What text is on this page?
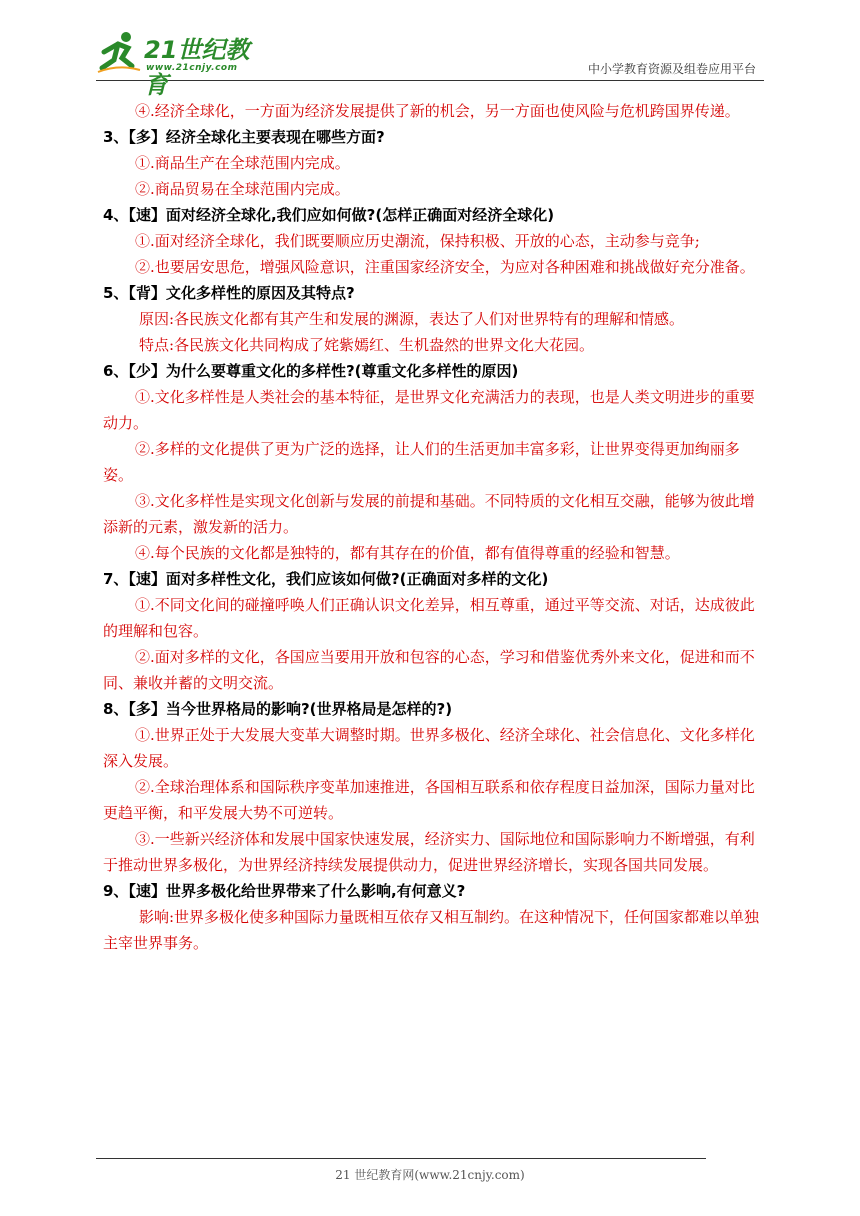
21世纪教育
www.21cnjy.com	中小学教育资源及组卷应用平台

④.经济全球化，一方面为经济发展提供了新的机会，另一方面也使风险与危机跨国界传递。

3、【多】经济全球化主要表现在哪些方面?

①.商品生产在全球范围内完成。

②.商品贸易在全球范围内完成。

4、【速】面对经济全球化,我们应如何做?(怎样正确面对经济全球化)

①.面对经济全球化，我们既要顺应历史潮流，保持积极、开放的心态，主动参与竞争;

②.也要居安思危，增强风险意识，注重国家经济安全，为应对各种困难和挑战做好充分准备。

5、【背】文化多样性的原因及其特点?

原因:各民族文化都有其产生和发展的渊源，表达了人们对世界特有的理解和情感。

特点:各民族文化共同构成了姹紫嫣红、生机盎然的世界文化大花园。

6、【少】为什么要尊重文化的多样性?(尊重文化多样性的原因)

①.文化多样性是人类社会的基本特征，是世界文化充满活力的表现，也是人类文明进步的重要动力。

②.多样的文化提供了更为广泛的选择，让人们的生活更加丰富多彩，让世界变得更加绚丽多姿。

③.文化多样性是实现文化创新与发展的前提和基础。不同特质的文化相互交融，能够为彼此增添新的元素，激发新的活力。

④.每个民族的文化都是独特的，都有其存在的价值，都有值得尊重的经验和智慧。

7、【速】面对多样性文化，我们应该如何做?(正确面对多样的文化)

①.不同文化间的碰撞呼唤人们正确认识文化差异，相互尊重，通过平等交流、对话，达成彼此的理解和包容。

②.面对多样的文化，各国应当要用开放和包容的心态，学习和借鉴优秀外来文化，促进和而不同、兼收并蓄的文明交流。

8、【多】当今世界格局的影响?(世界格局是怎样的?)

①.世界正处于大发展大变革大调整时期。世界多极化、经济全球化、社会信息化、文化多样化深入发展。

②.全球治理体系和国际秩序变革加速推进，各国相互联系和依存程度日益加深，国际力量对比更趋平衡，和平发展大势不可逆转。

③.一些新兴经济体和发展中国家快速发展，经济实力、国际地位和国际影响力不断增强，有利于推动世界多极化，为世界经济持续发展提供动力，促进世界经济增长，实现各国共同发展。

9、【速】世界多极化给世界带来了什么影响,有何意义?

影响:世界多极化使多种国际力量既相互依存又相互制约。在这种情况下，任何国家都难以单独主宰世界事务。

21 世纪教育网(www.21cnjy.com)
